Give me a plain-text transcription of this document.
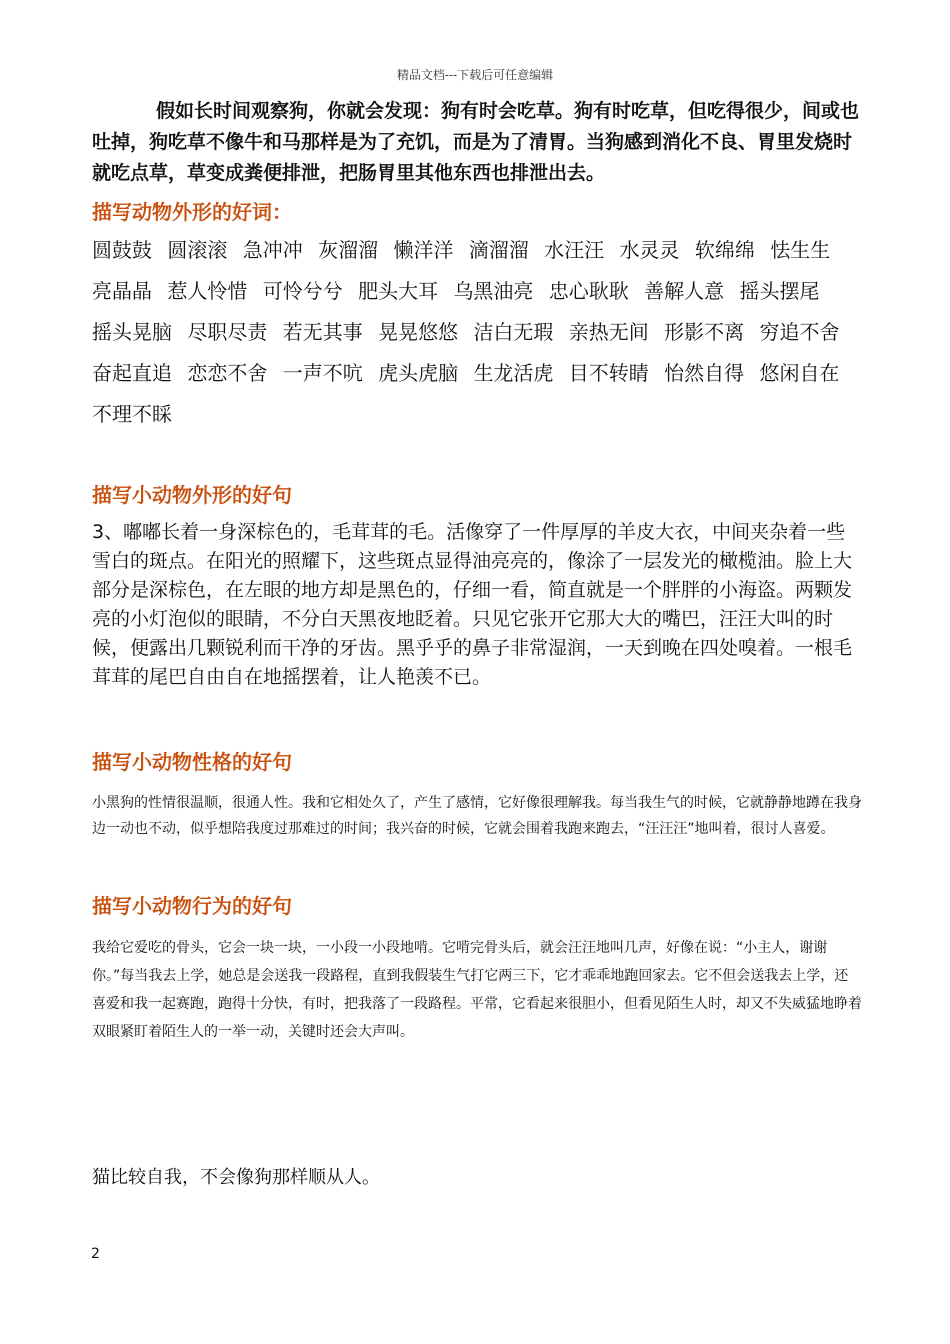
精品文档---下载后可任意编辑
假如长时间观察狗，你就会发现：狗有时会吃草。狗有时吃草，但吃得很少，间或也吐掉，狗吃草不像牛和马那样是为了充饥，而是为了清胃。当狗感到消化不良、胃里发烧时就吃点草，草变成粪便排泄，把肠胃里其他东西也排泄出去。
描写动物外形的好词：
圆鼓鼓 圆滚滚 急冲冲 灰溜溜 懒洋洋 滴溜溜 水汪汪 水灵灵 软绵绵 怯生生 亮晶晶 惹人怜惜 可怜兮兮 肥头大耳 乌黑油亮 忠心耿耿 善解人意 摇头摆尾 摇头晃脑 尽职尽责 若无其事 晃晃悠悠 洁白无瑕 亲热无间 形影不离 穷追不舍 奋起直追 恋恋不舍 一声不吭 虎头虎脑 生龙活虎 目不转睛 怡然自得 悠闲自在 不理不睬
描写小动物外形的好句
3、嘟嘟长着一身深棕色的，毛茸茸的毛。活像穿了一件厚厚的羊皮大衣，中间夹杂着一些雪白的斑点。在阳光的照耀下，这些斑点显得油亮亮的，像涂了一层发光的橄榄油。脸上大部分是深棕色，在左眼的地方却是黑色的，仔细一看，简直就是一个胖胖的小海盗。两颗发亮的小灯泡似的眼睛，不分白天黑夜地眨着。只见它张开它那大大的嘴巴，汪汪大叫的时候，便露出几颗锐利而干净的牙齿。黑乎乎的鼻子非常湿润，一天到晚在四处嗅着。一根毛茸茸的尾巴自由自在地摇摆着，让人艳羡不已。
描写小动物性格的好句
小黑狗的性情很温顺，很通人性。我和它相处久了，产生了感情，它好像很理解我。每当我生气的时候，它就静静地蹲在我身边一动也不动，似乎想陪我度过那难过的时间；我兴奋的时候，它就会围着我跑来跑去，“汪汪汪”地叫着，很讨人喜爱。
描写小动物行为的好句
我给它爱吃的骨头，它会一块一块，一小段一小段地啃。它啃完骨头后，就会汪汪地叫几声，好像在说：“小主人，谢谢你。”每当我去上学，她总是会送我一段路程，直到我假装生气打它两三下，它才乖乖地跑回家去。它不但会送我去上学，还喜爱和我一起赛跑，跑得十分快，有时，把我落了一段路程。平常，它看起来很胆小，但看见陌生人时，却又不失威猛地睁着双眼紧盯着陌生人的一举一动，关键时还会大声叫。
猫比较自我，不会像狗那样顺从人。
2
